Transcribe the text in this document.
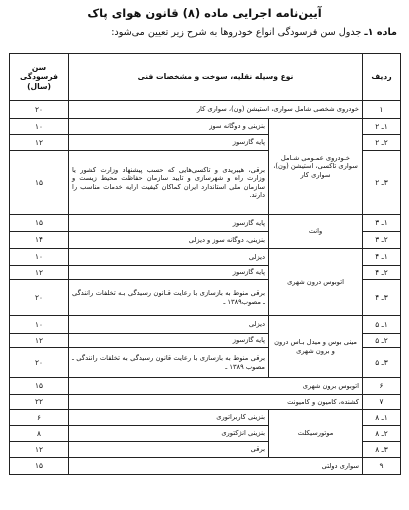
آیین‌نامه اجرایی ماده (۸) قانون هوای پاک
ماده ۱ـ جدول سن فرسودگی انواع خودروها به شرح زیر تعیین می‌شود:
ردیف	نوع وسیله نقلیه، سوخت و مشخصات فنی		سن فرسودگی (سال)
۱	خودروی شخصی شامل سواری، استیشن (ون)، سواری کار		۲۰
۱ـ ۲	خـودروی عمـومی شـامل سواری تاکسی، استیشن (ون)، سواری کار	بنزینی و دوگانه سوز	۱۰
۲ـ ۲		پایه گازسوز	۱۲
۳ـ ۲		برقی، هیبریدی و تاکسی‌هایی که حسب پیشنهاد وزارت کشور یا وزارت راه و شهرسازی و تایید سازمان حفاظت محیط زیست و سازمان ملی استاندارد ایران کماکان کیفیت ارایه خدمات مناسب را دارند.	۱۵
۱ـ ۳	وانت	پایه گازسوز	۱۵
۲ـ ۳		بنزینی، دوگانه سوز و دیزلی	۱۴
۱ـ ۴	اتوبوس درون شهری	دیزلی	۱۰
۲ـ ۴		پایه گازسوز	۱۲
۳ـ ۴		برقی منوط به بازسازی با رعایت قـانون رسیدگی بـه تخلفات رانندگی ـ مصوب۱۳۸۹ ـ	۲۰
۱ـ ۵	مینی بوس و میدل بـاس درون و برون شهری	دیزلی	۱۰
۲ـ ۵		پایه گازسوز	۱۲
۳ـ ۵		برقی منوط به بازسازی با رعایت قانون رسیدگی به تخلفات رانندگی ـ مصوب ۱۳۸۹ ـ	۲۰
۶	اتوبوس برون شهری		۱۵
۷	کشنده، کامیون و کامیونت		۲۲
۱ـ ۸	موتورسیکلت	بنزینی کاربراتوری	۶
۲ـ ۸		بنزینی انژکتوری	۸
۳ـ ۸		برقی	۱۲
۹	سواری دولتی		۱۵
